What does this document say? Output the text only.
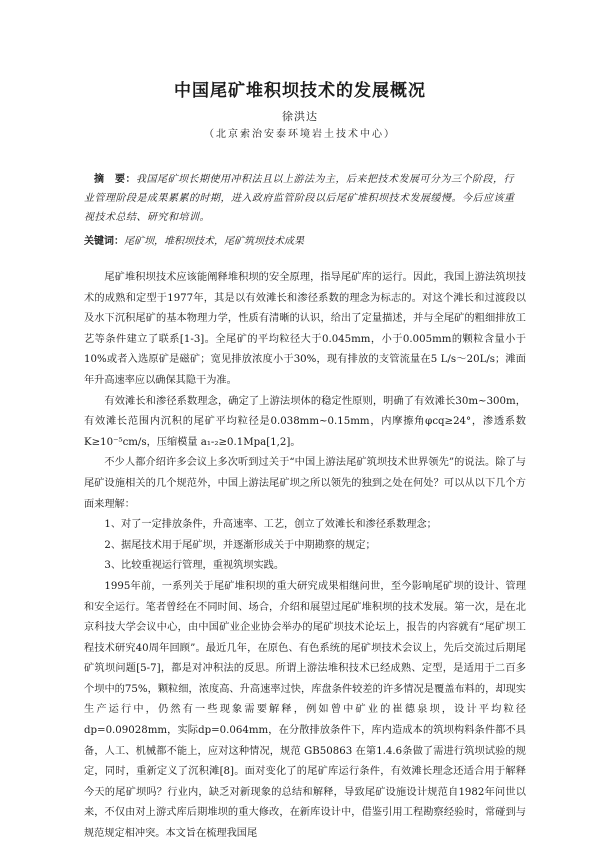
中国尾矿堆积坝技术的发展概况
徐洪达
（北京索治安泰环境岩土技术中心）
摘　要：我国尾矿坝长期使用冲积法且以上游法为主，后来把技术发展可分为三个阶段，行业管理阶段是成果累累的时期，进入政府监管阶段以后尾矿堆积坝技术发展缓慢。今后应该重视技术总结、研究和培训。
关键词：尾矿坝，堆积坝技术，尾矿筑坝技术成果

尾矿堆积坝技术应该能阐释堆积坝的安全原理，指导尾矿库的运行。因此，我国上游法筑坝技术的成熟和定型于1977年，其是以有效滩长和渗径系数的理念为标志的。对这个滩长和过渡段以及水下沉积尾矿的基本物理力学，性质有清晰的认识，给出了定量描述，并与全尾矿的粗细排放工艺等条件建立了联系[1-3]。全尾矿的平均粒径大于0.045mm，小于0.005mm的颗粒含量小于10%或者入选原矿是磁矿；宽见排放浓度小于30%，现有排放的支管流量在5 L/s～20L/s；滩面年升高速率应以确保其隐干为准。

有效滩长和渗径系数理念，确定了上游法坝体的稳定性原则，明确了有效滩长30m~300m，有效滩长范围内沉积的尾矿平均粒径是0.038mm~0.15mm，内摩擦角φcq≥24°，渗透系数K≥10⁻⁵cm/s，压缩模量 a₁-₂≥0.1Mpa[1,2]。

不少人都介绍许多会议上多次听到过关于“中国上游法尾矿筑坝技术世界领先”的说法。除了与尾矿设施相关的几个规范外，中国上游法尾矿坝之所以领先的独到之处在何处？可以从以下几个方面来理解：

1、对了一定排放条件，升高速率、工艺，创立了效滩长和渗径系数理念；

2、据尾技术用于尾矿坝，并逐渐形成关于中期勘察的规定；

3、比较重视运行管理，重视筑坝实践。

1995年前，一系列关于尾矿堆积坝的重大研究成果相继问世，至今影响尾矿坝的设计、管理和安全运行。笔者曾经在不同时间、场合，介绍和展望过尾矿堆积坝的技术发展。第一次，是在北京科技大学会议中心，由中国矿业企业协会举办的尾矿坝技术论坛上，报告的内容就有“尾矿坝工程技术研究40周年回顾”。最近几年，在原色、有色系统的尾矿坝技术会议上，先后交流过后期尾矿筑坝问题[5-7]，都是对冲积法的反思。所谓上游法堆积技术已经成熟、定型，是适用于二百多个坝中的75%，颗粒细，浓度高、升高速率过快，库盘条件较差的许多情况是覆盖布料的，却现实生产运行中，仍然有一些现象需要解释，例如曾中矿业的崔德泉坝，设计平均粒径 dp=0.09028mm，实际dp=0.064mm，在分散排放条件下，库内造成本的筑坝构料条件都不具备，人工、机械都不能上，应对这种情况，规范 GB50863 在第1.4.6条做了需进行筑坝试验的规定，同时，重新定义了沉积滩[8]。面对变化了的尾矿库运行条件，有效滩长理念还适合用于解释今天的尾矿坝吗？行业内，缺乏对新现象的总结和解释，导致尾矿设施设计规范自1982年问世以来，不仅由对上游式库后期堆坝的重大修改，在新库设计中，借鉴引用工程勘察经验时，常碰到与规范规定相冲突。本文旨在梳理我国尾
